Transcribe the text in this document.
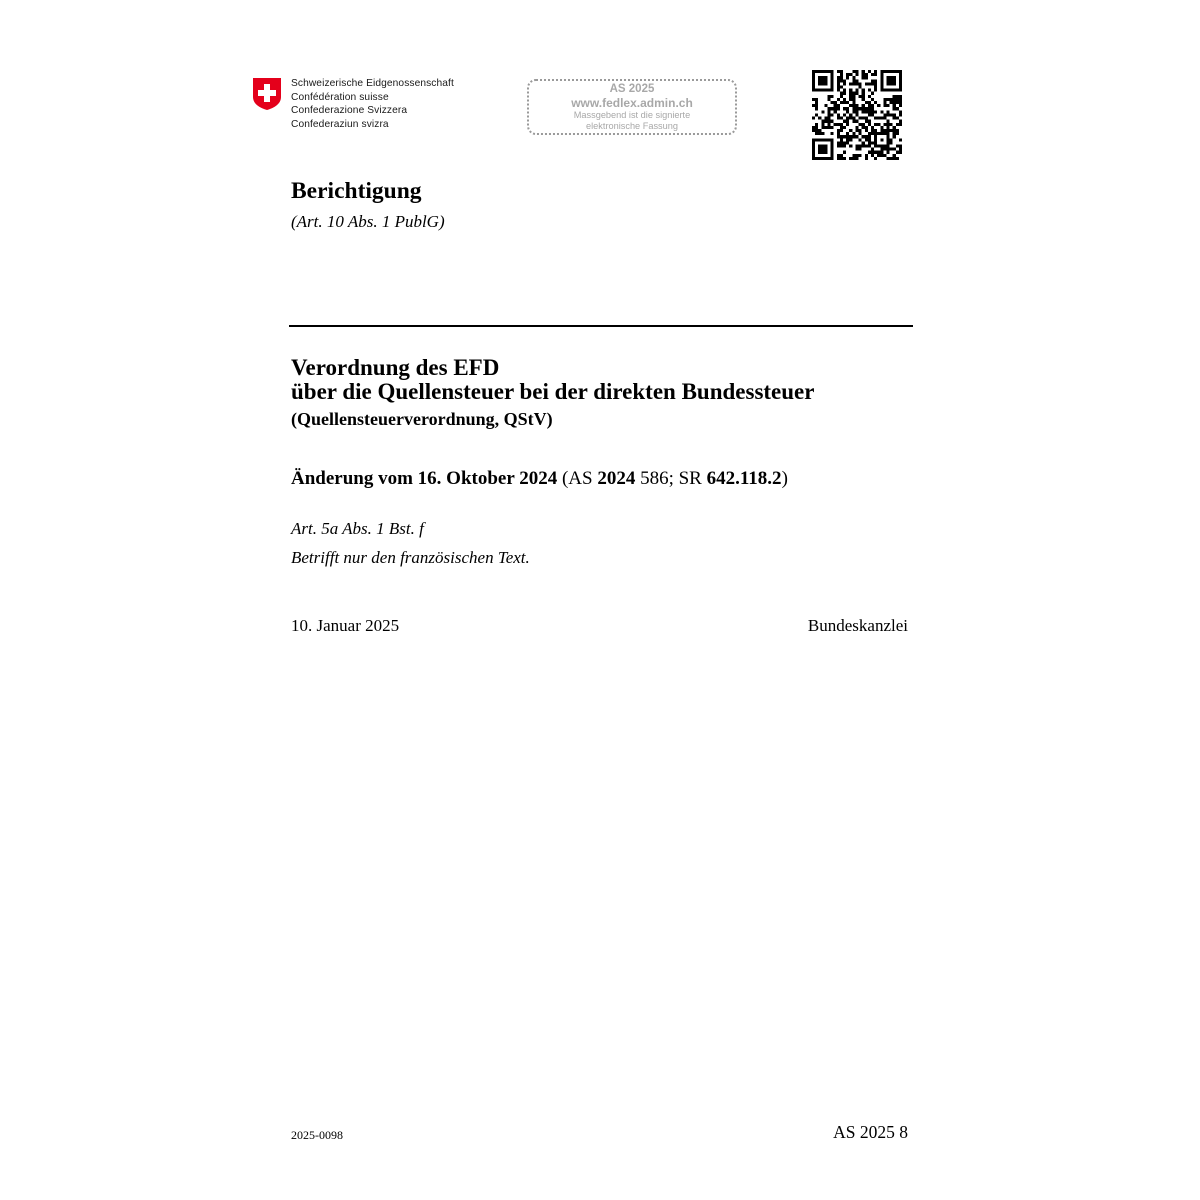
Schweizerische Eidgenossenschaft
Confédération suisse
Confederazione Svizzera
Confederaziun svizra
AS 2025
www.fedlex.admin.ch
Massgebend ist die signierte
elektronische Fassung
Berichtigung
(Art. 10 Abs. 1 PublG)
Verordnung des EFD
über die Quellensteuer bei der direkten Bundessteuer
(Quellensteuerverordnung, QStV)
Änderung vom 16. Oktober 2024 (AS 2024 586; SR 642.118.2)
Art. 5a Abs. 1 Bst. f
Betrifft nur den französischen Text.
10. Januar 2025	Bundeskanzlei
2025-0098	AS 2025 8
